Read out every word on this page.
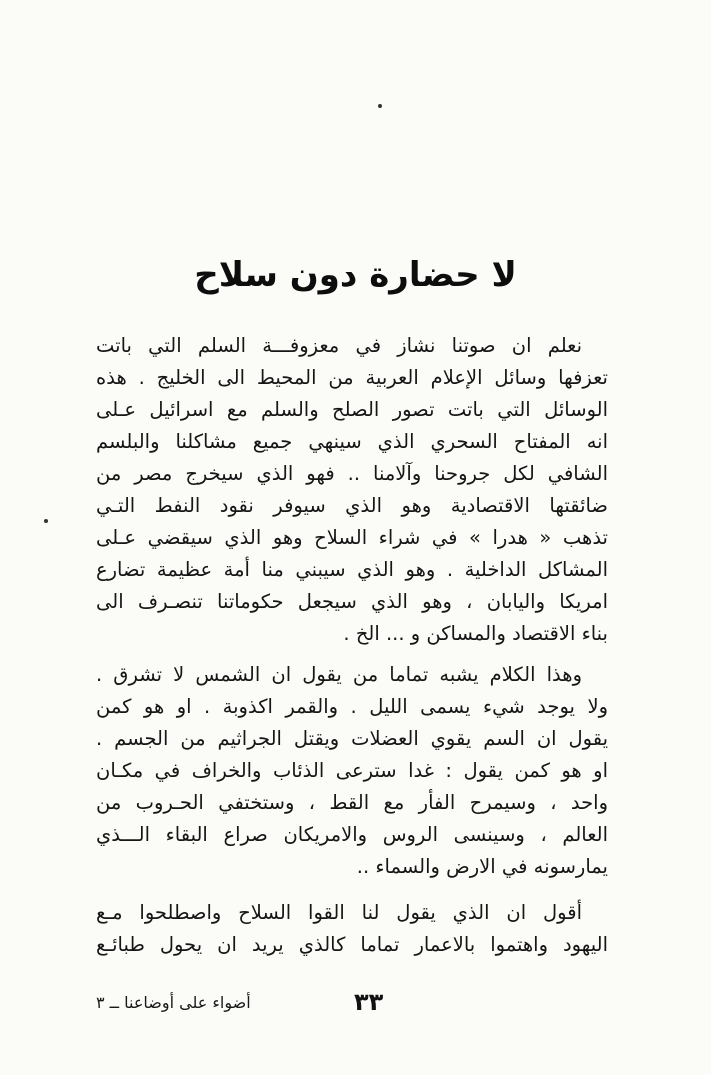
لا حضارة دون سلاح
نعلم ان صوتنا نشاز في معزوفـــة السلم التي باتت
تعزفها وسائل الإعلام العربية من المحيط الى الخليج . هذه
الوسائل التي باتت تصور الصلح والسلم مع اسرائيل عـلى
انه المفتاح السحري الذي سينهي جميع مشاكلنا والبلسم
الشافي لكل جروحنا وآلامنا .. فهو الذي سيخرج مصر من
ضائقتها الاقتصادية وهو الذي سيوفر نقود النفط التـي
تذهب « هدرا » في شراء السلاح وهو الذي سيقضي عـلى
المشاكل الداخلية . وهو الذي سيبني منا أمة عظيمة تضارع
امريكا واليابان ، وهو الذي سيجعل حكوماتنا تنصـرف الى
بناء الاقتصاد والمساكن و ... الخ .
وهذا الكلام يشبه تماما من يقول ان الشمس لا تشرق .
ولا يوجد شيء يسمى الليل . والقمر اكذوبة . او هو كمن
يقول ان السم يقوي العضلات ويقتل الجراثيم من الجسم .
او هو كمن يقول : غدا سترعى الذئاب والخراف في مكـان
واحد ، وسيمرح الفأر مع القط ، وستختفي الحـروب من
العالم ، وسينسى الروس والامريكان صراع البقاء الـــذي
يمارسونه في الارض والسماء ..
أقول ان الذي يقول لنا القوا السلاح واصطلحوا مـع
اليهود واهتموا بالاعمار تماما كالذي يريد ان يحول طبائـع
أضواء على أوضاعنا ــ ٣	٣٣
